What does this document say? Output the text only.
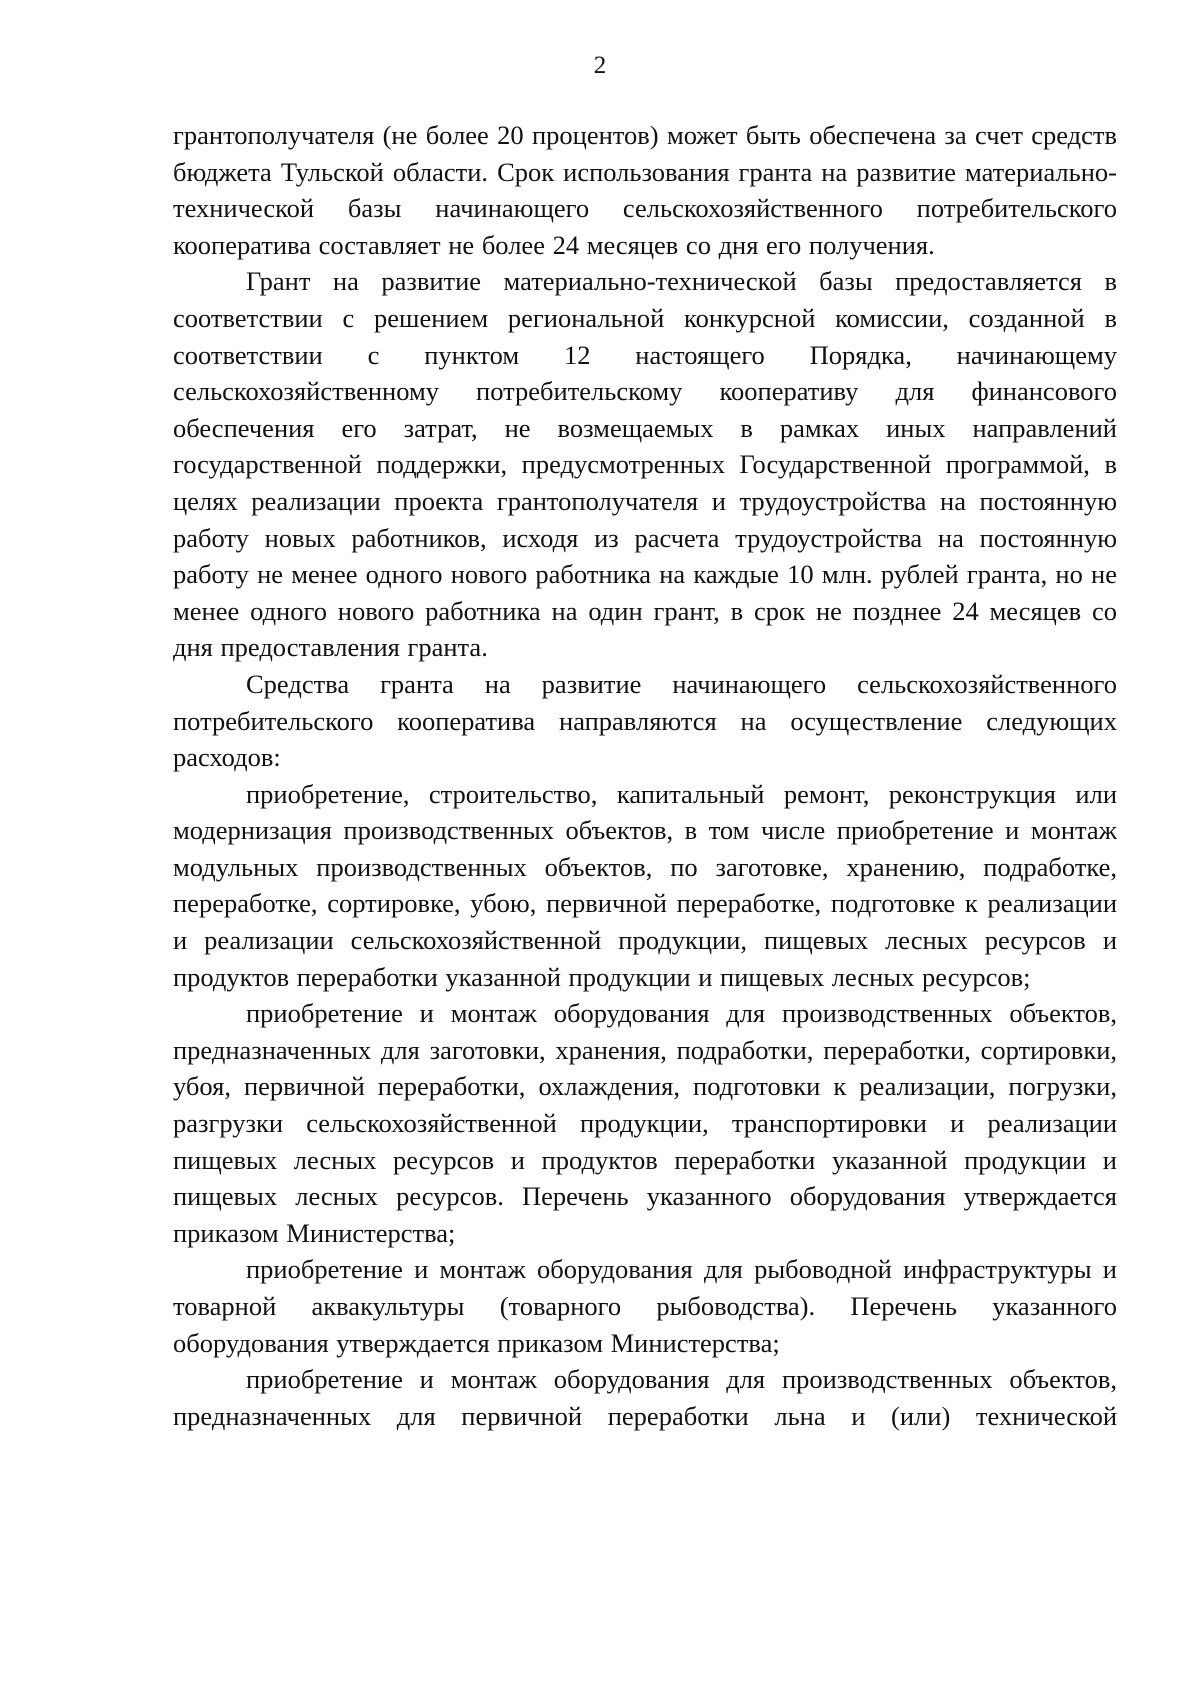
2

грантополучателя (не более 20 процентов) может быть обеспечена за счет средств бюджета Тульской области. Срок использования гранта на развитие материально-технической базы начинающего сельскохозяйственного потребительского кооператива составляет не более 24 месяцев со дня его получения.

Грант на развитие материально-технической базы предоставляется в соответствии с решением региональной конкурсной комиссии, созданной в соответствии с пунктом 12 настоящего Порядка, начинающему сельскохозяйственному потребительскому кооперативу для финансового обеспечения его затрат, не возмещаемых в рамках иных направлений государственной поддержки, предусмотренных Государственной программой, в целях реализации проекта грантополучателя и трудоустройства на постоянную работу новых работников, исходя из расчета трудоустройства на постоянную работу не менее одного нового работника на каждые 10 млн. рублей гранта, но не менее одного нового работника на один грант, в срок не позднее 24 месяцев со дня предоставления гранта.

Средства гранта на развитие начинающего сельскохозяйственного потребительского кооператива направляются на осуществление следующих расходов:

приобретение, строительство, капитальный ремонт, реконструкция или модернизация производственных объектов, в том числе приобретение и монтаж модульных производственных объектов, по заготовке, хранению, подработке, переработке, сортировке, убою, первичной переработке, подготовке к реализации и реализации сельскохозяйственной продукции, пищевых лесных ресурсов и продуктов переработки указанной продукции и пищевых лесных ресурсов;

приобретение и монтаж оборудования для производственных объектов, предназначенных для заготовки, хранения, подработки, переработки, сортировки, убоя, первичной переработки, охлаждения, подготовки к реализации, погрузки, разгрузки сельскохозяйственной продукции, транспортировки и реализации пищевых лесных ресурсов и продуктов переработки указанной продукции и пищевых лесных ресурсов. Перечень указанного оборудования утверждается приказом Министерства;

приобретение и монтаж оборудования для рыбоводной инфраструктуры и товарной аквакультуры (товарного рыбоводства). Перечень указанного оборудования утверждается приказом Министерства;

приобретение и монтаж оборудования для производственных объектов, предназначенных для первичной переработки льна и (или) технической
